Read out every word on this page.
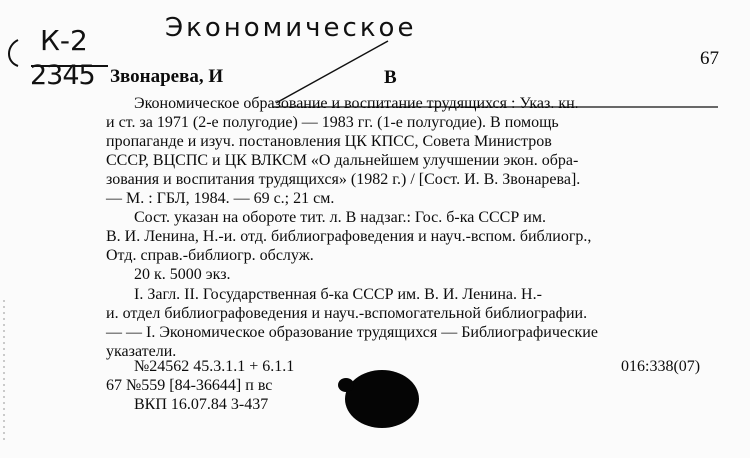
Экономическое
К-2
2345
67
Звонарева, И	В
Экономическое образование и воспитание трудящихся : Указ. кн.
и ст. за 1971 (2-е полугодие) — 1983 гг. (1-е полугодие). В помощь
пропаганде и изуч. постановления ЦК КПСС, Совета Министров
СССР, ВЦСПС и ЦК ВЛКСМ «О дальнейшем улучшении экон. обра-
зования и воспитания трудящихся» (1982 г.) / [Сост. И. В. Звонарева].
— М. : ГБЛ, 1984. — 69 с.; 21 см.
Сост. указан на обороте тит. л. В надзаг.: Гос. б-ка СССР им.
В. И. Ленина, Н.-и. отд. библиографоведения и науч.-вспом. библиогр.,
Отд. справ.-библиогр. обслуж.
20 к. 5000 экз.
I. Загл. II. Государственная б-ка СССР им. В. И. Ленина. Н.-
и. отдел библиографоведения и науч.-вспомогательной библиографии.
— — I. Экономическое образование трудящихся — Библиографические
указатели.
№24562 45.3.1.1 + 6.1.1	016:338(07)
67 №559 [84-36644] п вс
ВКП 16.07.84 3-437
